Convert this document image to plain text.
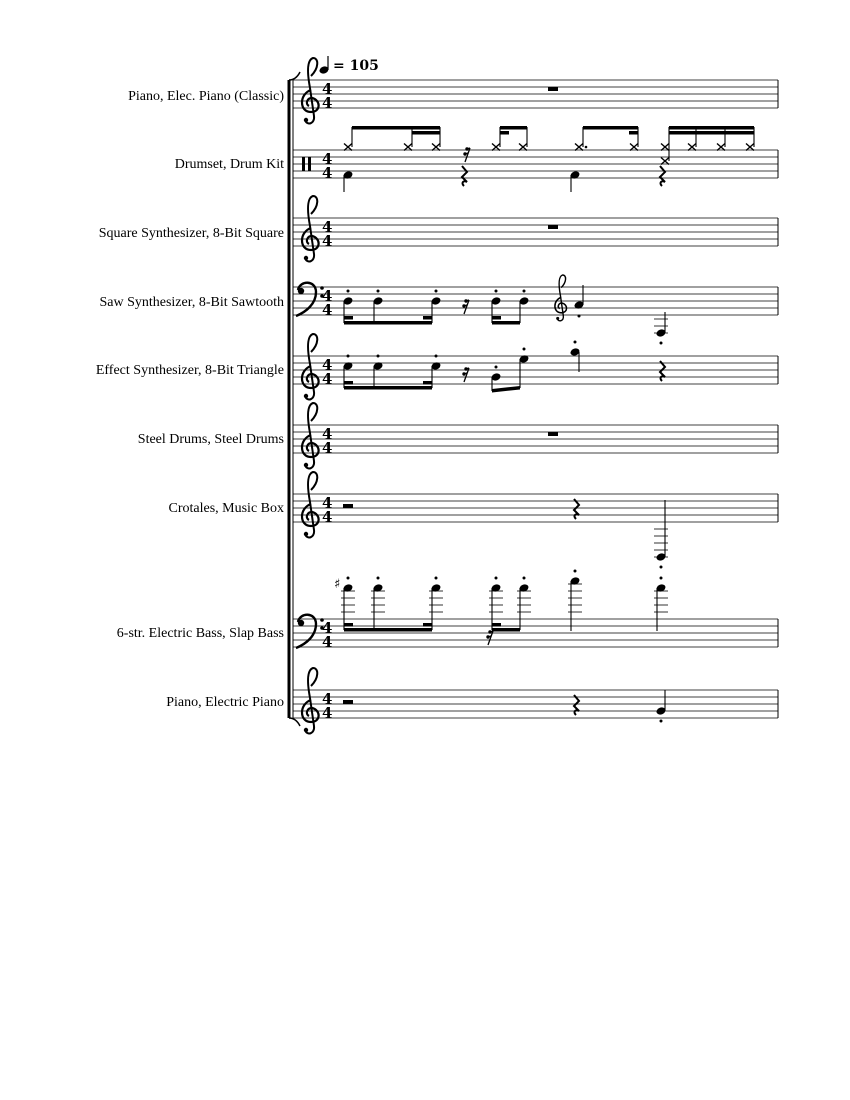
= 105
Piano, Elec. Piano (Classic)	4
4
Drumset, Drum Kit	4
4
Square Synthesizer, 8-Bit Square	4
4
Saw Synthesizer, 8-Bit Sawtooth	4
4
Effect Synthesizer, 8-Bit Triangle	4
4
Steel Drums, Steel Drums	4
4
Crotales, Music Box	4
4
6-str. Electric Bass, Slap Bass	4
4
♯
Piano, Electric Piano	4
4
